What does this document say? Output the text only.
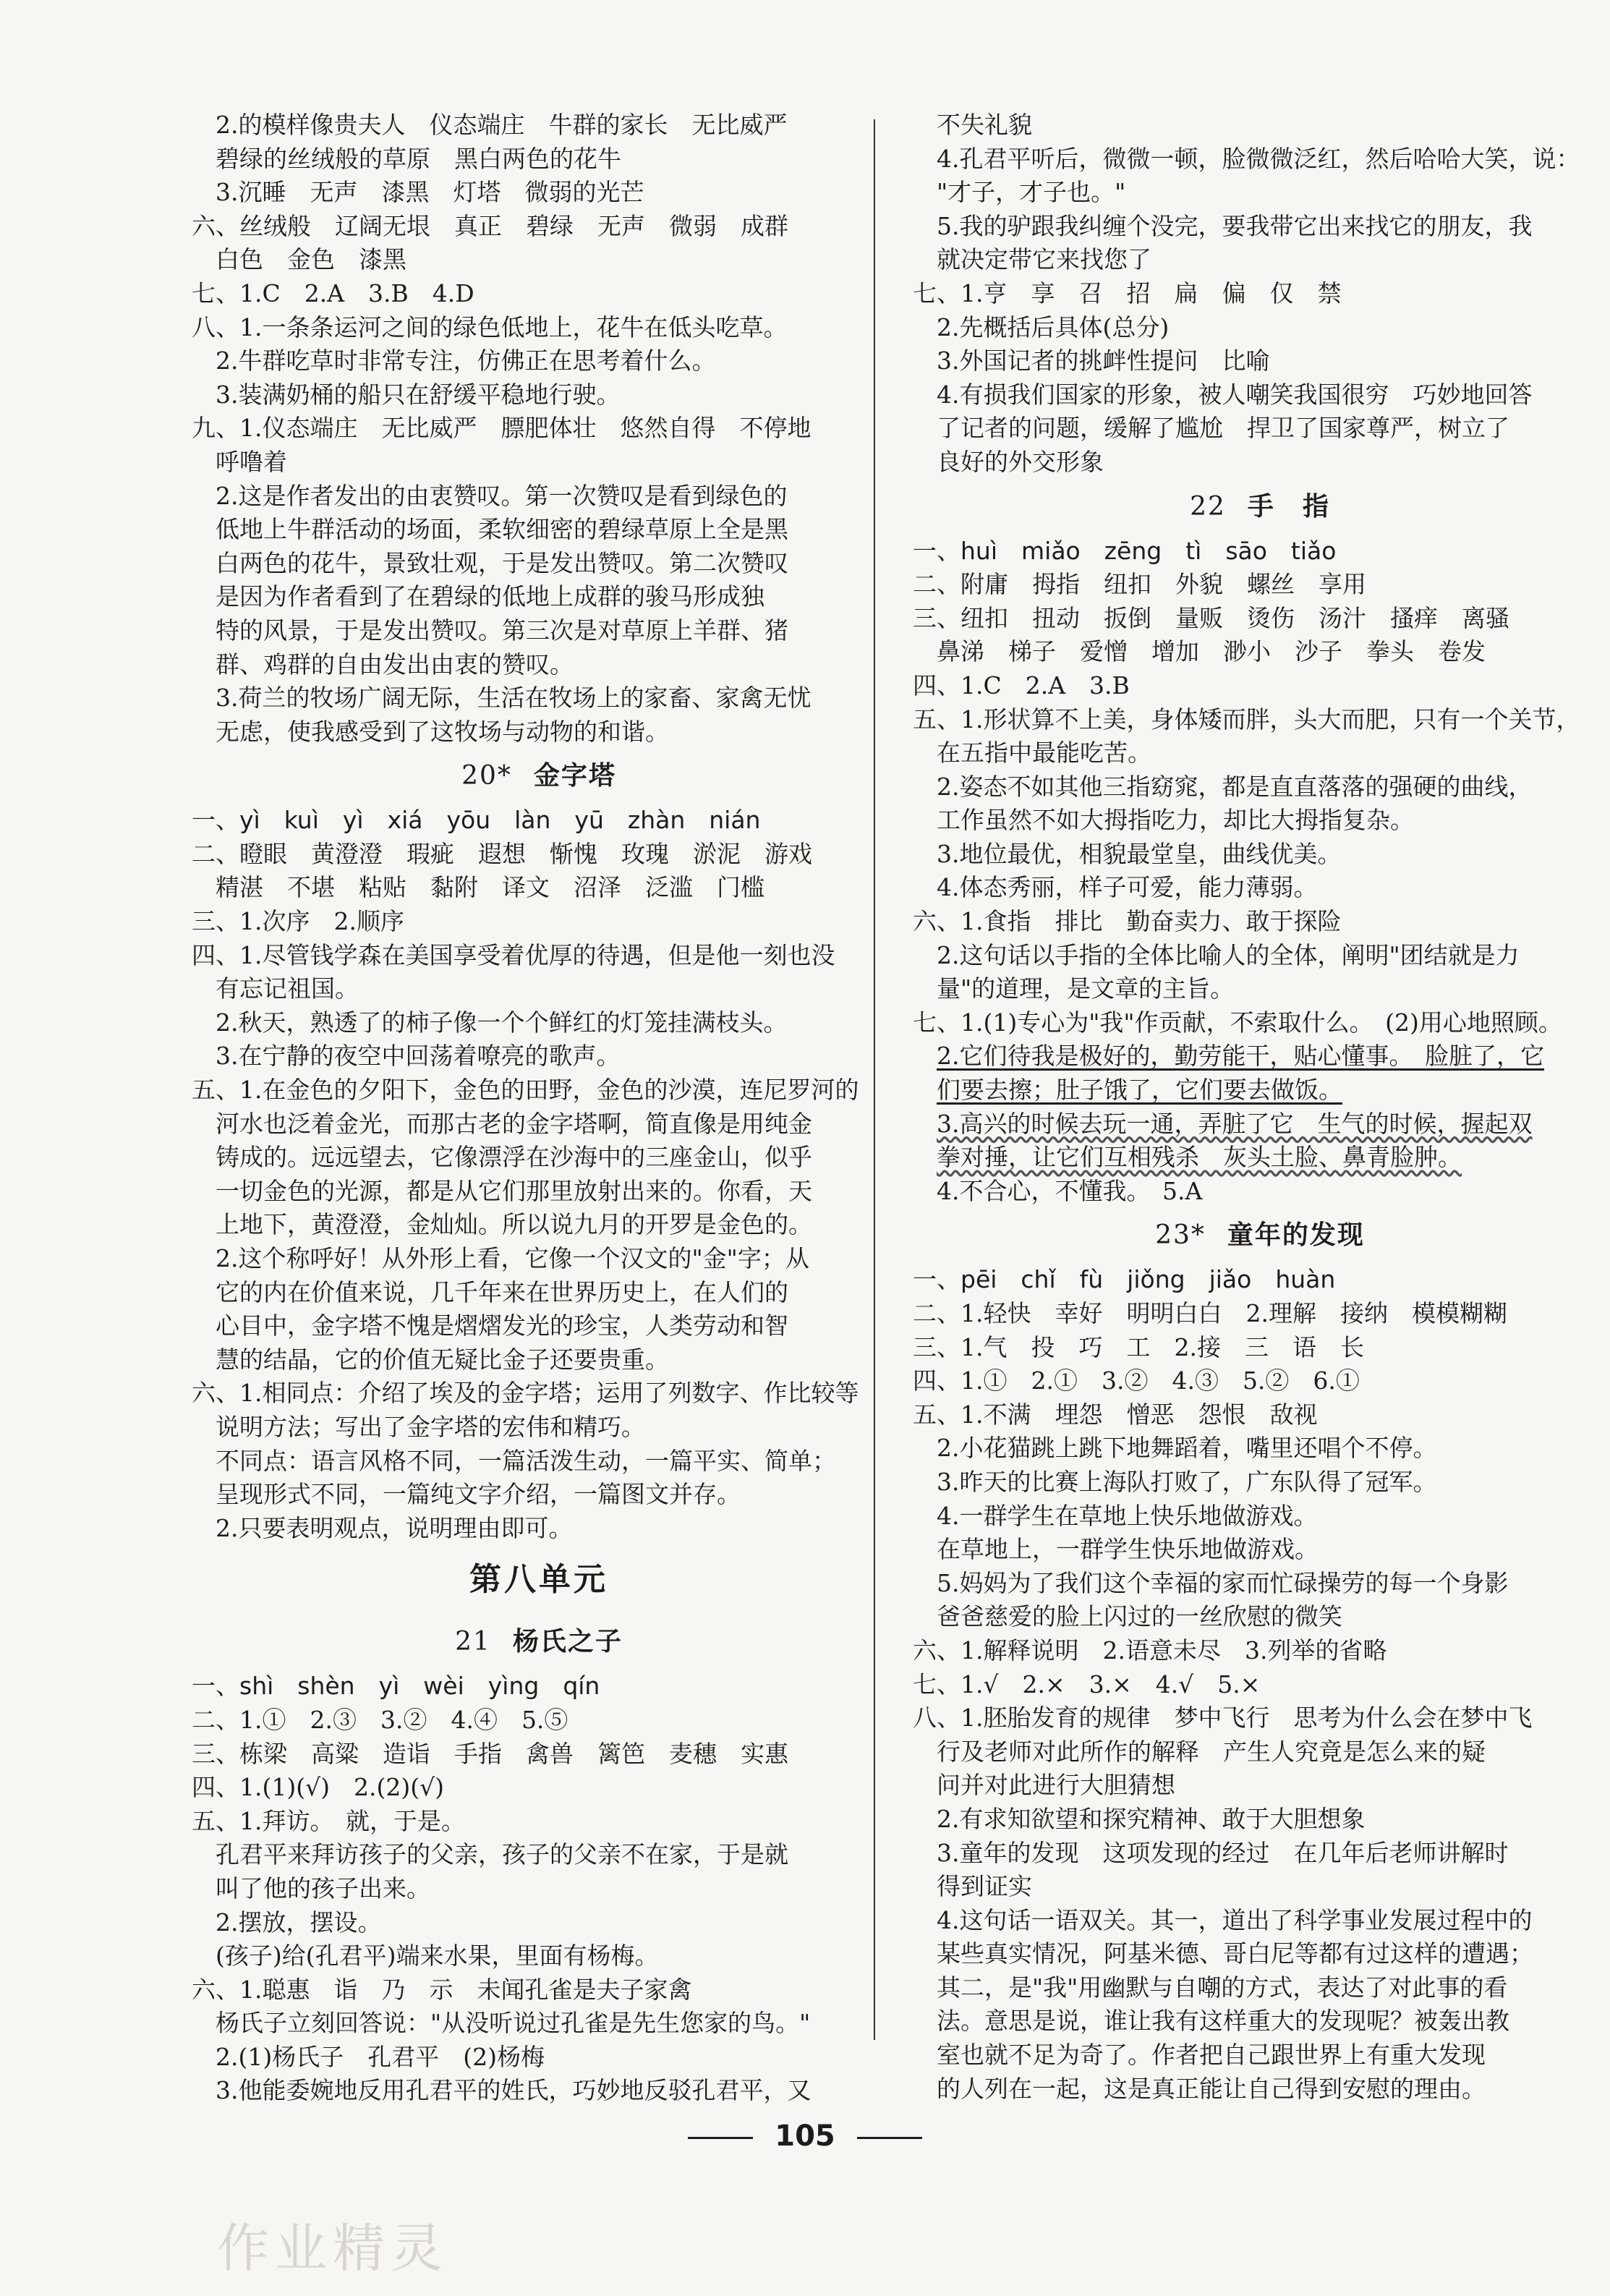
2.的模样像贵夫人　仪态端庄　牛群的家长　无比威严
碧绿的丝绒般的草原　黑白两色的花牛
3.沉睡　无声　漆黑　灯塔　微弱的光芒
六、丝绒般　辽阔无垠　真正　碧绿　无声　微弱　成群
白色　金色　漆黑
七、1.C　2.A　3.B　4.D
八、1.一条条运河之间的绿色低地上，花牛在低头吃草。
2.牛群吃草时非常专注，仿佛正在思考着什么。
3.装满奶桶的船只在舒缓平稳地行驶。
九、1.仪态端庄　无比威严　膘肥体壮　悠然自得　不停地
呼噜着
2.这是作者发出的由衷赞叹。第一次赞叹是看到绿色的
低地上牛群活动的场面，柔软细密的碧绿草原上全是黑
白两色的花牛，景致壮观，于是发出赞叹。第二次赞叹
是因为作者看到了在碧绿的低地上成群的骏马形成独
特的风景，于是发出赞叹。第三次是对草原上羊群、猪
群、鸡群的自由发出由衷的赞叹。
3.荷兰的牧场广阔无际，生活在牧场上的家畜、家禽无忧
无虑，使我感受到了这牧场与动物的和谐。
20* 金字塔
一、yì　kuì　yì　xiá　yōu　làn　yū　zhàn　nián
二、瞪眼　黄澄澄　瑕疵　遐想　惭愧　玫瑰　淤泥　游戏
精湛　不堪　粘贴　黏附　译文　沼泽　泛滥　门槛
三、1.次序　2.顺序
四、1.尽管钱学森在美国享受着优厚的待遇，但是他一刻也没
有忘记祖国。
2.秋天，熟透了的柿子像一个个鲜红的灯笼挂满枝头。
3.在宁静的夜空中回荡着嘹亮的歌声。
五、1.在金色的夕阳下，金色的田野，金色的沙漠，连尼罗河的
河水也泛着金光，而那古老的金字塔啊，简直像是用纯金
铸成的。远远望去，它像漂浮在沙海中的三座金山，似乎
一切金色的光源，都是从它们那里放射出来的。你看，天
上地下，黄澄澄，金灿灿。所以说九月的开罗是金色的。
2.这个称呼好！从外形上看，它像一个汉文的"金"字；从
它的内在价值来说，几千年来在世界历史上，在人们的
心目中，金字塔不愧是熠熠发光的珍宝，人类劳动和智
慧的结晶，它的价值无疑比金子还要贵重。
六、1.相同点：介绍了埃及的金字塔；运用了列数字、作比较等
说明方法；写出了金字塔的宏伟和精巧。
不同点：语言风格不同，一篇活泼生动，一篇平实、简单；
呈现形式不同，一篇纯文字介绍，一篇图文并存。
2.只要表明观点，说明理由即可。
第八单元
21 杨氏之子
一、shì　shèn　yì　wèi　yìng　qín
二、1.①　2.③　3.②　4.④　5.⑤
三、栋梁　高粱　造诣　手指　禽兽　篱笆　麦穗　实惠
四、1.(1)(√)　2.(2)(√)
五、1.拜访。　就，于是。
孔君平来拜访孩子的父亲，孩子的父亲不在家，于是就
叫了他的孩子出来。
2.摆放，摆设。
(孩子)给(孔君平)端来水果，里面有杨梅。
六、1.聪惠　诣　乃　示　未闻孔雀是夫子家禽
杨氏子立刻回答说："从没听说过孔雀是先生您家的鸟。"
2.(1)杨氏子　孔君平　(2)杨梅
3.他能委婉地反用孔君平的姓氏，巧妙地反驳孔君平，又
不失礼貌
4.孔君平听后，微微一顿，脸微微泛红，然后哈哈大笑，说：
"才子，才子也。"
5.我的驴跟我纠缠个没完，要我带它出来找它的朋友，我
就决定带它来找您了
七、1.亨　享　召　招　扁　偏　仅　禁
2.先概括后具体(总分)
3.外国记者的挑衅性提问　比喻
4.有损我们国家的形象，被人嘲笑我国很穷　巧妙地回答
了记者的问题，缓解了尴尬　捍卫了国家尊严，树立了
良好的外交形象
22 手　指
一、huì　miǎo　zēng　tì　sāo　tiǎo
二、附庸　拇指　纽扣　外貌　螺丝　享用
三、纽扣　扭动　扳倒　量贩　烫伤　汤汁　搔痒　离骚
鼻涕　梯子　爱憎　增加　渺小　沙子　拳头　卷发
四、1.C　2.A　3.B
五、1.形状算不上美，身体矮而胖，头大而肥，只有一个关节，
在五指中最能吃苦。
2.姿态不如其他三指窈窕，都是直直落落的强硬的曲线，
工作虽然不如大拇指吃力，却比大拇指复杂。
3.地位最优，相貌最堂皇，曲线优美。
4.体态秀丽，样子可爱，能力薄弱。
六、1.食指　排比　勤奋卖力、敢于探险
2.这句话以手指的全体比喻人的全体，阐明"团结就是力
量"的道理，是文章的主旨。
七、1.(1)专心为"我"作贡献，不索取什么。　(2)用心地照顾。
2.它们待我是极好的，勤劳能干，贴心懂事。　脸脏了，它
们要去擦；肚子饿了，它们要去做饭。
3.高兴的时候去玩一通，弄脏了它　生气的时候，握起双
拳对捶，让它们互相残杀　灰头土脸、鼻青脸肿。
4.不合心，不懂我。　5.A
23* 童年的发现
一、pēi　chǐ　fù　jiǒng　jiǎo　huàn
二、1.轻快　幸好　明明白白　2.理解　接纳　模模糊糊
三、1.气　投　巧　工　2.接　三　语　长
四、1.①　2.①　3.②　4.③　5.②　6.①
五、1.不满　埋怨　憎恶　怨恨　敌视
2.小花猫跳上跳下地舞蹈着，嘴里还唱个不停。
3.昨天的比赛上海队打败了，广东队得了冠军。
4.一群学生在草地上快乐地做游戏。
在草地上，一群学生快乐地做游戏。
5.妈妈为了我们这个幸福的家而忙碌操劳的每一个身影
爸爸慈爱的脸上闪过的一丝欣慰的微笑
六、1.解释说明　2.语意未尽　3.列举的省略
七、1.√　2.×　3.×　4.√　5.×
八、1.胚胎发育的规律　梦中飞行　思考为什么会在梦中飞
行及老师对此所作的解释　产生人究竟是怎么来的疑
问并对此进行大胆猜想
2.有求知欲望和探究精神、敢于大胆想象
3.童年的发现　这项发现的经过　在几年后老师讲解时
得到证实
4.这句话一语双关。其一，道出了科学事业发展过程中的
某些真实情况，阿基米德、哥白尼等都有过这样的遭遇；
其二，是"我"用幽默与自嘲的方式，表达了对此事的看
法。意思是说，谁让我有这样重大的发现呢？被轰出教
室也就不足为奇了。作者把自己跟世界上有重大发现
的人列在一起，这是真正能让自己得到安慰的理由。
105
作业精灵
